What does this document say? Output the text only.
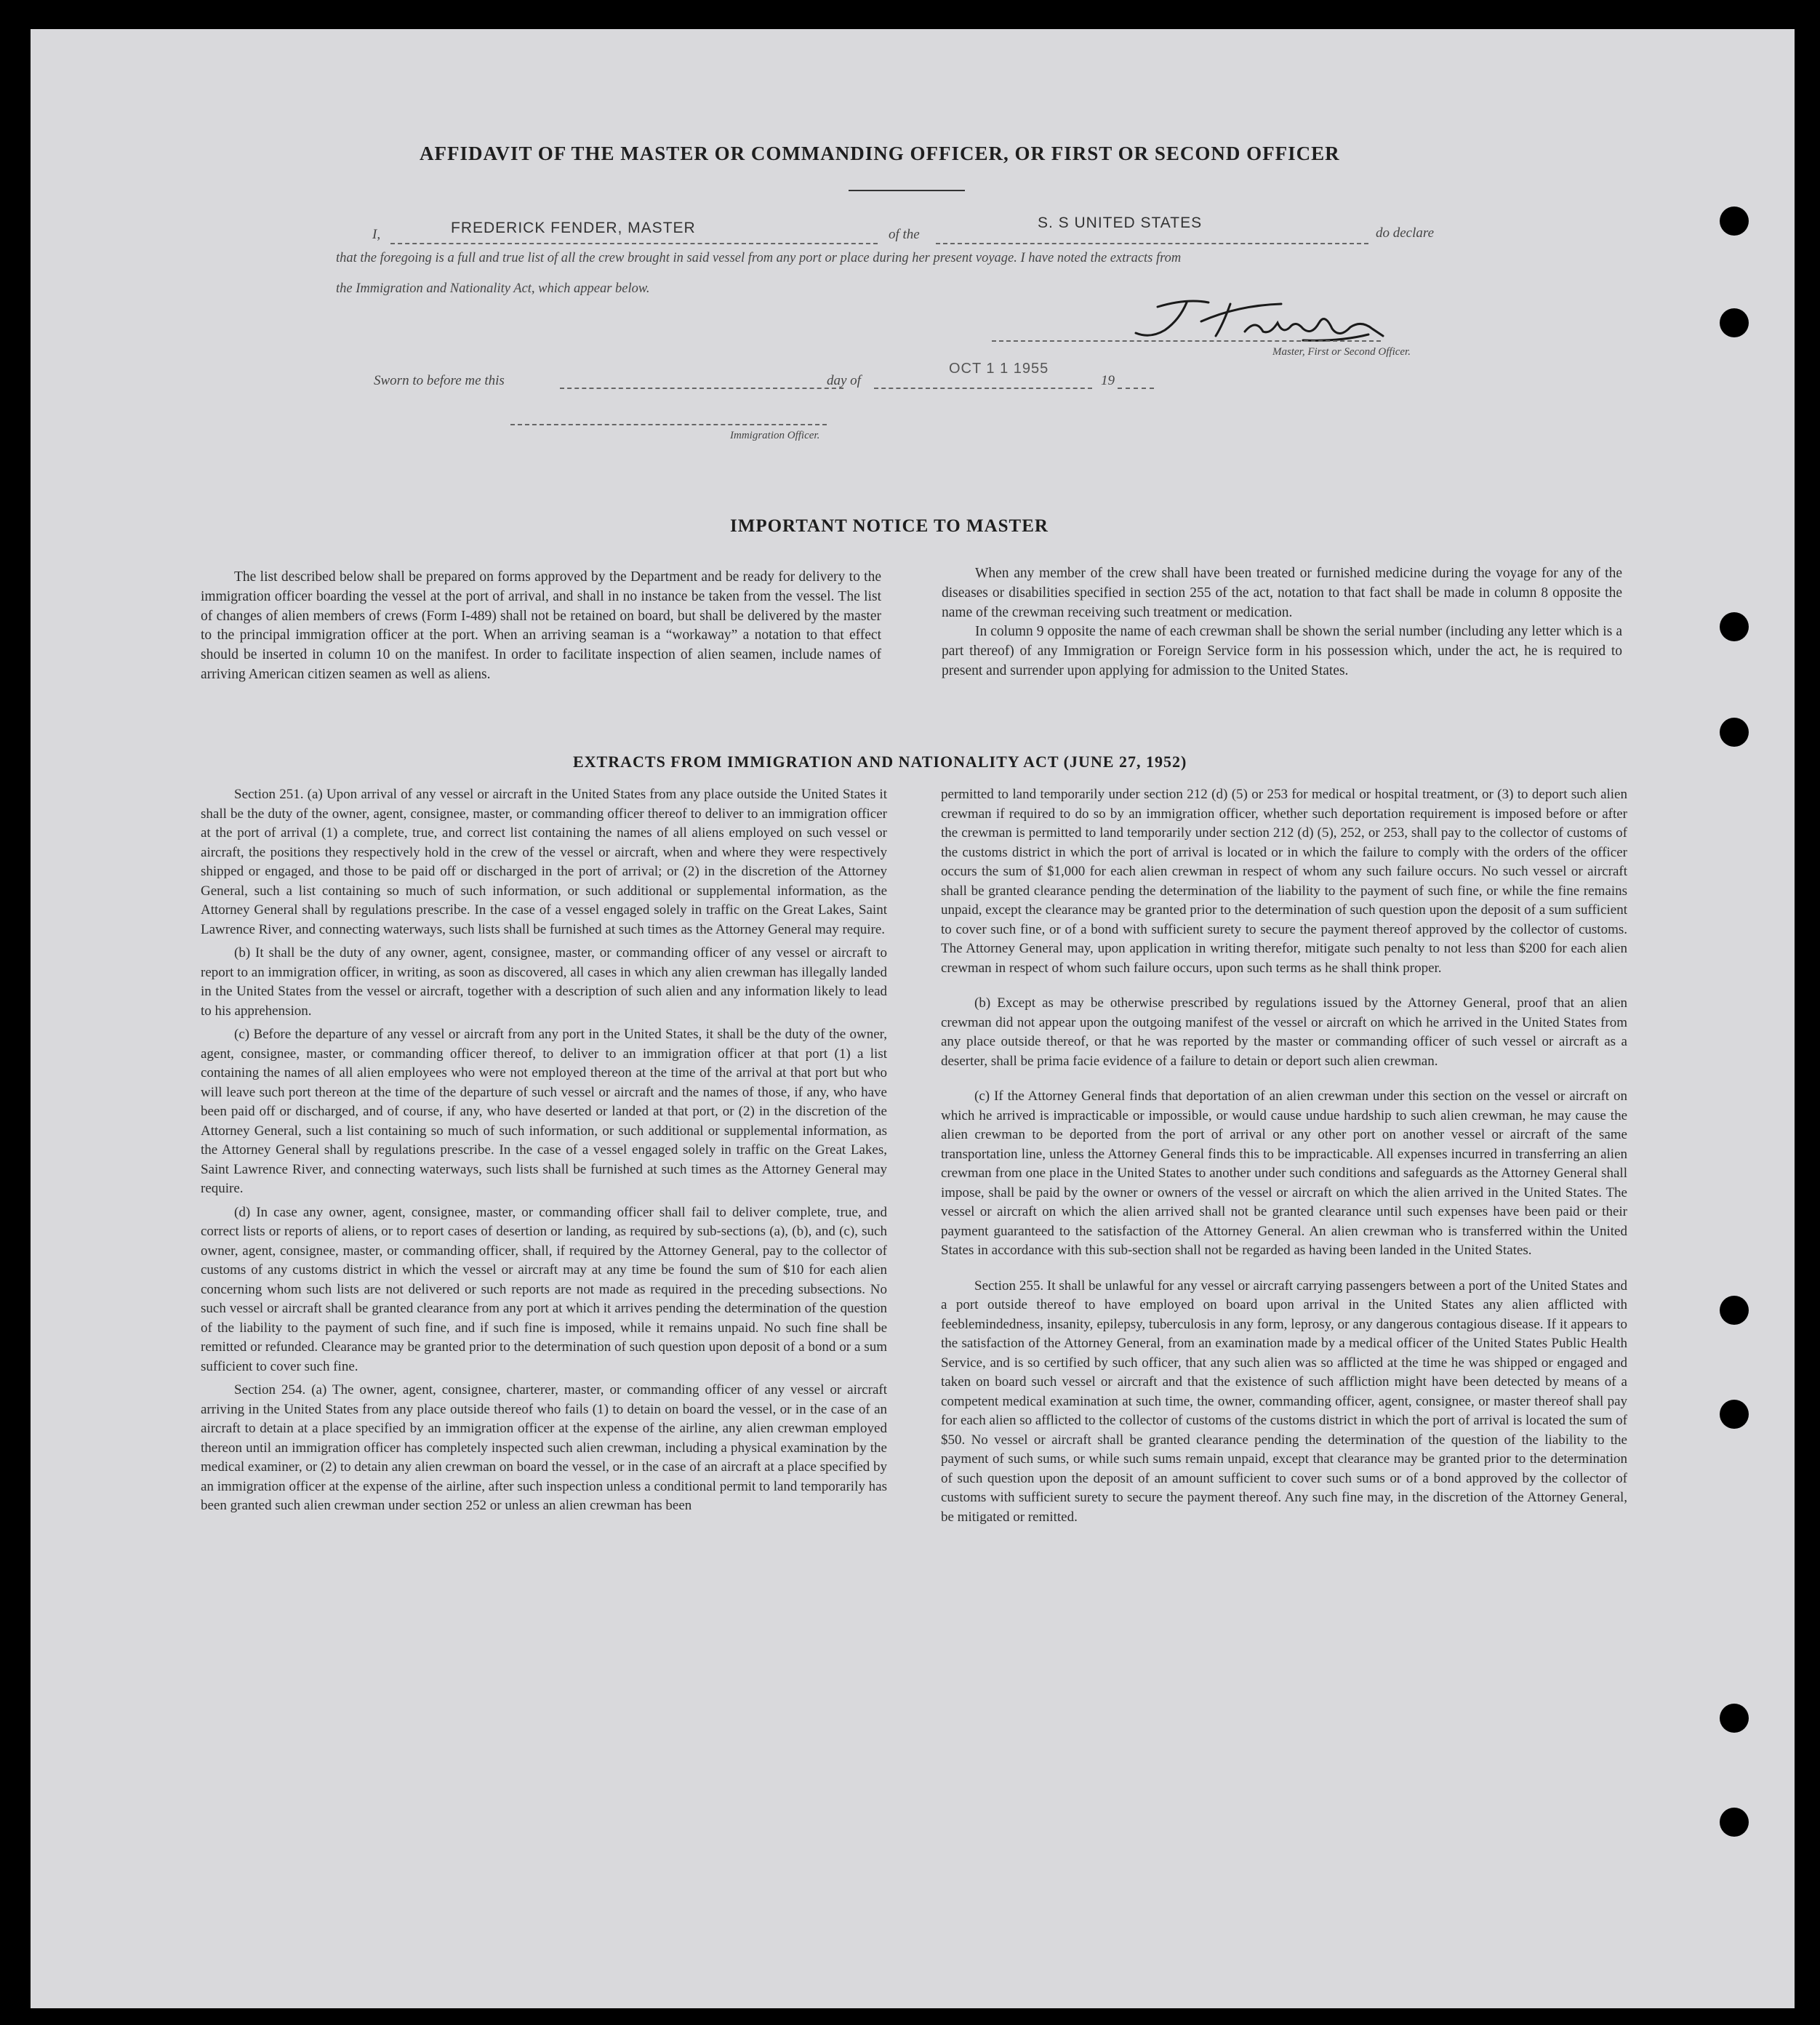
AFFIDAVIT OF THE MASTER OR COMMANDING OFFICER, OR FIRST OR SECOND OFFICER
I,	FREDERICK FENDER, MASTER	of the
S. S UNITED STATES
do declare
that the foregoing is a full and true list of all the crew brought in said vessel from any port or place during her present voyage. I have noted the extracts from
the Immigration and Nationality Act, which appear below.
Master, First or Second Officer.
Sworn to before me this	day of
OCT 1 1 1955
19
Immigration Officer.
IMPORTANT NOTICE TO MASTER

The list described below shall be prepared on forms approved by the Department and be ready for delivery to the immigration officer boarding the vessel at the port of arrival, and shall in no instance be taken from the vessel. The list of changes of alien members of crews (Form I-489) shall not be retained on board, but shall be delivered by the master to the principal immigration officer at the port. When an arriving seaman is a “workaway” a notation to that effect should be inserted in column 10 on the manifest. In order to facilitate inspection of alien seamen, include names of arriving American citizen seamen as well as aliens.

When any member of the crew shall have been treated or furnished medicine during the voyage for any of the diseases or disabilities specified in section 255 of the act, notation to that fact shall be made in column 8 opposite the name of the crewman receiving such treatment or medication.

In column 9 opposite the name of each crewman shall be shown the serial number (including any letter which is a part thereof) of any Immigration or Foreign Service form in his possession which, under the act, he is required to present and surrender upon applying for admission to the United States.

EXTRACTS FROM IMMIGRATION AND NATIONALITY ACT (JUNE 27, 1952)

Section 251. (a) Upon arrival of any vessel or aircraft in the United States from any place outside the United States it shall be the duty of the owner, agent, consignee, master, or commanding officer thereof to deliver to an immigration officer at the port of arrival (1) a complete, true, and correct list containing the names of all aliens employed on such vessel or aircraft, the positions they respectively hold in the crew of the vessel or aircraft, when and where they were respectively shipped or engaged, and those to be paid off or discharged in the port of arrival; or (2) in the discretion of the Attorney General, such a list containing so much of such information, or such additional or supplemental information, as the Attorney General shall by regulations prescribe. In the case of a vessel engaged solely in traffic on the Great Lakes, Saint Lawrence River, and connecting waterways, such lists shall be furnished at such times as the Attorney General may require.

(b) It shall be the duty of any owner, agent, consignee, master, or commanding officer of any vessel or aircraft to report to an immigration officer, in writing, as soon as discovered, all cases in which any alien crewman has illegally landed in the United States from the vessel or aircraft, together with a description of such alien and any information likely to lead to his apprehension.

(c) Before the departure of any vessel or aircraft from any port in the United States, it shall be the duty of the owner, agent, consignee, master, or commanding officer thereof, to deliver to an immigration officer at that port (1) a list containing the names of all alien employees who were not employed thereon at the time of the arrival at that port but who will leave such port thereon at the time of the departure of such vessel or aircraft and the names of those, if any, who have been paid off or discharged, and of course, if any, who have deserted or landed at that port, or (2) in the discretion of the Attorney General, such a list containing so much of such information, or such additional or supplemental information, as the Attorney General shall by regulations prescribe. In the case of a vessel engaged solely in traffic on the Great Lakes, Saint Lawrence River, and connecting waterways, such lists shall be furnished at such times as the Attorney General may require.

(d) In case any owner, agent, consignee, master, or commanding officer shall fail to deliver complete, true, and correct lists or reports of aliens, or to report cases of desertion or landing, as required by sub-sections (a), (b), and (c), such owner, agent, consignee, master, or commanding officer, shall, if required by the Attorney General, pay to the collector of customs of any customs district in which the vessel or aircraft may at any time be found the sum of $10 for each alien concerning whom such lists are not delivered or such reports are not made as required in the preceding subsections. No such vessel or aircraft shall be granted clearance from any port at which it arrives pending the determination of the question of the liability to the payment of such fine, and if such fine is imposed, while it remains unpaid. No such fine shall be remitted or refunded. Clearance may be granted prior to the determination of such question upon deposit of a bond or a sum sufficient to cover such fine.

Section 254. (a) The owner, agent, consignee, charterer, master, or commanding officer of any vessel or aircraft arriving in the United States from any place outside thereof who fails (1) to detain on board the vessel, or in the case of an aircraft to detain at a place specified by an immigration officer at the expense of the airline, any alien crewman employed thereon until an immigration officer has completely inspected such alien crewman, including a physical examination by the medical examiner, or (2) to detain any alien crewman on board the vessel, or in the case of an aircraft at a place specified by an immigration officer at the expense of the airline, after such inspection unless a conditional permit to land temporarily has been granted such alien crewman under section 252 or unless an alien crewman has been

permitted to land temporarily under section 212 (d) (5) or 253 for medical or hospital treatment, or (3) to deport such alien crewman if required to do so by an immigration officer, whether such deportation requirement is imposed before or after the crewman is permitted to land temporarily under section 212 (d) (5), 252, or 253, shall pay to the collector of customs of the customs district in which the port of arrival is located or in which the failure to comply with the orders of the officer occurs the sum of $1,000 for each alien crewman in respect of whom any such failure occurs. No such vessel or aircraft shall be granted clearance pending the determination of the liability to the payment of such fine, or while the fine remains unpaid, except the clearance may be granted prior to the determination of such question upon the deposit of a sum sufficient to cover such fine, or of a bond with sufficient surety to secure the payment thereof approved by the collector of customs. The Attorney General may, upon application in writing therefor, mitigate such penalty to not less than $200 for each alien crewman in respect of whom such failure occurs, upon such terms as he shall think proper.

(b) Except as may be otherwise prescribed by regulations issued by the Attorney General, proof that an alien crewman did not appear upon the outgoing manifest of the vessel or aircraft on which he arrived in the United States from any place outside thereof, or that he was reported by the master or commanding officer of such vessel or aircraft as a deserter, shall be prima facie evidence of a failure to detain or deport such alien crewman.

(c) If the Attorney General finds that deportation of an alien crewman under this section on the vessel or aircraft on which he arrived is impracticable or impossible, or would cause undue hardship to such alien crewman, he may cause the alien crewman to be deported from the port of arrival or any other port on another vessel or aircraft of the same transportation line, unless the Attorney General finds this to be impracticable. All expenses incurred in transferring an alien crewman from one place in the United States to another under such conditions and safeguards as the Attorney General shall impose, shall be paid by the owner or owners of the vessel or aircraft on which the alien arrived in the United States. The vessel or aircraft on which the alien arrived shall not be granted clearance until such expenses have been paid or their payment guaranteed to the satisfaction of the Attorney General. An alien crewman who is transferred within the United States in accordance with this sub-section shall not be regarded as having been landed in the United States.

Section 255. It shall be unlawful for any vessel or aircraft carrying passengers between a port of the United States and a port outside thereof to have employed on board upon arrival in the United States any alien afflicted with feeblemindedness, insanity, epilepsy, tuberculosis in any form, leprosy, or any dangerous contagious disease. If it appears to the satisfaction of the Attorney General, from an examination made by a medical officer of the United States Public Health Service, and is so certified by such officer, that any such alien was so afflicted at the time he was shipped or engaged and taken on board such vessel or aircraft and that the existence of such affliction might have been detected by means of a competent medical examination at such time, the owner, commanding officer, agent, consignee, or master thereof shall pay for each alien so afflicted to the collector of customs of the customs district in which the port of arrival is located the sum of $50. No vessel or aircraft shall be granted clearance pending the determination of the question of the liability to the payment of such sums, or while such sums remain unpaid, except that clearance may be granted prior to the determination of such question upon the deposit of an amount sufficient to cover such sums or of a bond approved by the collector of customs with sufficient surety to secure the payment thereof. Any such fine may, in the discretion of the Attorney General, be mitigated or remitted.
